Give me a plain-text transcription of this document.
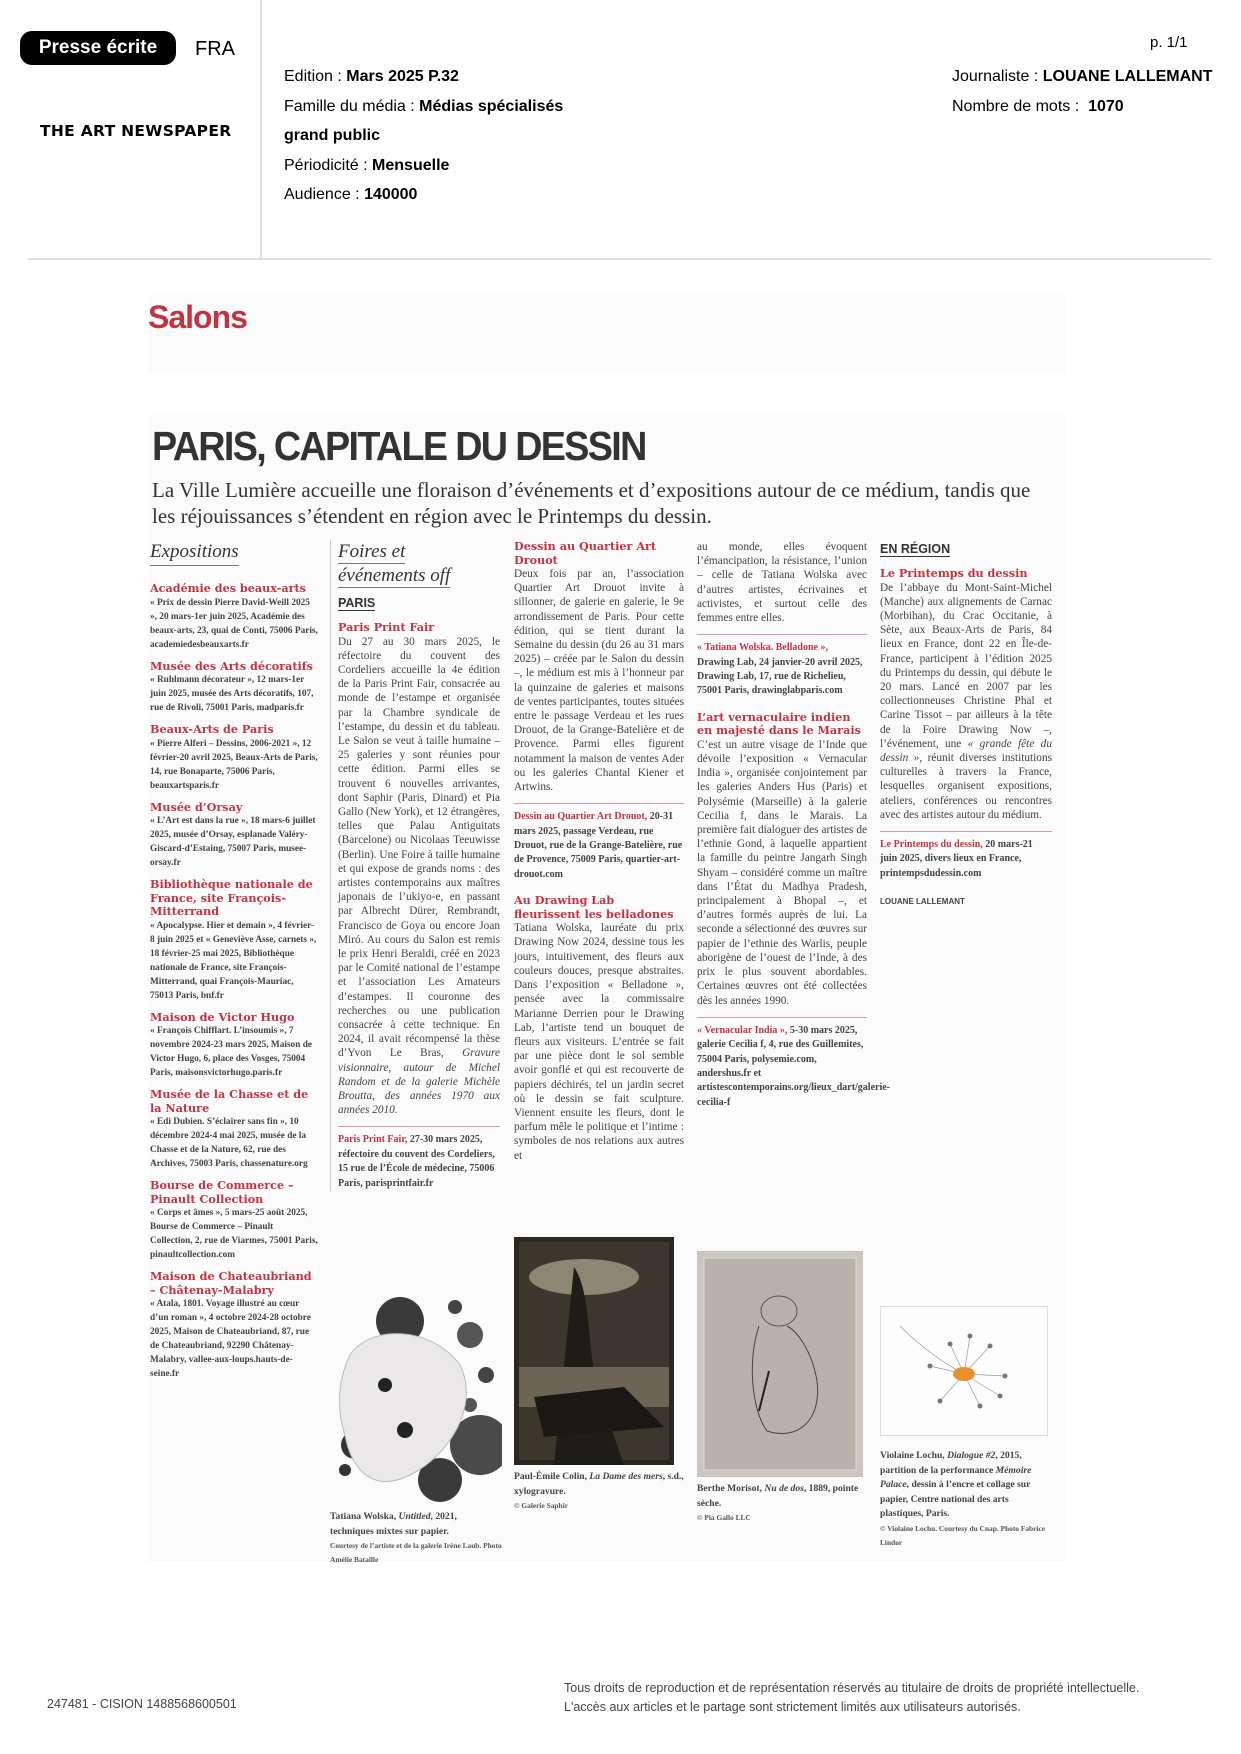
Presse écrite	FRA
THE ART NEWSPAPER
Edition : Mars 2025 P.32
Famille du média : Médias spécialisés
grand public
Périodicité : Mensuelle
Audience : 140000
p. 1/1
Journaliste : LOUANE LALLEMANT
Nombre de mots :  1070
Salons
PARIS, CAPITALE DU DESSIN
La Ville Lumière accueille une floraison d’événements et d’expositions autour de ce médium, tandis que les réjouissances s’étendent en région avec le Printemps du dessin.
Expositions
Académie des beaux-arts
« Prix de dessin Pierre David-Weill 2025 », 20 mars-1er juin 2025, Académie des beaux-arts, 23, quai de Conti, 75006 Paris, academiedesbeauxarts.fr
Musée des Arts décoratifs
« Ruhlmann décorateur », 12 mars-1er juin 2025, musée des Arts décoratifs, 107, rue de Rivoli, 75001 Paris, madparis.fr
Beaux-Arts de Paris
« Pierre Alferi – Dessins, 2006-2021 », 12 février-20 avril 2025, Beaux-Arts de Paris, 14, rue Bonaparte, 75006 Paris, beauxartsparis.fr
Musée d’Orsay
« L’Art est dans la rue », 18 mars-6 juillet 2025, musée d’Orsay, esplanade Valéry-Giscard-d’Estaing, 75007 Paris, musee-orsay.fr
Bibliothèque nationale de France, site François-Mitterrand
« Apocalypse. Hier et demain », 4 février-8 juin 2025 et « Geneviève Asse, carnets », 18 février-25 mai 2025, Bibliothèque nationale de France, site François-Mitterrand, quai François-Mauriac, 75013 Paris, bnf.fr
Maison de Victor Hugo
« François Chifflart. L’insoumis », 7 novembre 2024-23 mars 2025, Maison de Victor Hugo, 6, place des Vosges, 75004 Paris, maisonsvictorhugo.paris.fr
Musée de la Chasse et de la Nature
« Edi Dubien. S’éclairer sans fin », 10 décembre 2024-4 mai 2025, musée de la Chasse et de la Nature, 62, rue des Archives, 75003 Paris, chassenature.org
Bourse de Commerce – Pinault Collection
« Corps et âmes », 5 mars-25 août 2025, Bourse de Commerce – Pinault Collection, 2, rue de Viarmes, 75001 Paris, pinaultcollection.com
Maison de Chateaubriand – Châtenay-Malabry
« Atala, 1801. Voyage illustré au cœur d’un roman », 4 octobre 2024-28 octobre 2025, Maison de Chateaubriand, 87, rue de Chateaubriand, 92290 Châtenay-Malabry, vallee-aux-loups.hauts-de-seine.fr
Foires et
événements off
PARIS
Paris Print Fair
Du 27 au 30 mars 2025, le réfectoire du couvent des Cordeliers accueille la 4e édition de la Paris Print Fair, consacrée au monde de l’estampe et organisée par la Chambre syndicale de l’estampe, du dessin et du tableau. Le Salon se veut à taille humaine – 25 galeries y sont réunies pour cette édition. Parmi elles se trouvent 6 nouvelles arrivantes, dont Saphir (Paris, Dinard) et Pia Gallo (New York), et 12 étrangères, telles que Palau Antiguitats (Barcelone) ou Nicolaas Teeuwisse (Berlin). Une Foire à taille humaine et qui expose de grands noms : des artistes contemporains aux maîtres japonais de l’ukiyo-e, en passant par Albrecht Dürer, Rembrandt, Francisco de Goya ou encore Joan Miró. Au cours du Salon est remis le prix Henri Beraldi, créé en 2023 par le Comité national de l’estampe et l’association Les Amateurs d’estampes. Il couronne des recherches ou une publication consacrée à cette technique. En 2024, il avait récompensé la thèse d’Yvon Le Bras, Gravure visionnaire, autour de Michel Random et de la galerie Michèle Broutta, des années 1970 aux années 2010.
Paris Print Fair, 27-30 mars 2025, réfectoire du couvent des Cordeliers, 15 rue de l’École de médecine, 75006 Paris, parisprintfair.fr
Dessin au Quartier Art Drouot
Deux fois par an, l’association Quartier Art Drouot invite à sillonner, de galerie en galerie, le 9e arrondissement de Paris. Pour cette édition, qui se tient durant la Semaine du dessin (du 26 au 31 mars 2025) – créée par le Salon du dessin –, le médium est mis à l’honneur par la quinzaine de galeries et maisons de ventes participantes, toutes situées entre le passage Verdeau et les rues Drouot, de la Grange-Batelière et de Provence. Parmi elles figurent notamment la maison de ventes Ader ou les galeries Chantal Kiener et Artwins.
Dessin au Quartier Art Drouot, 20-31 mars 2025, passage Verdeau, rue Drouot, rue de la Grange-Batelière, rue de Provence, 75009 Paris, quartier-art-drouot.com
Au Drawing Lab fleurissent les belladones
Tatiana Wolska, lauréate du prix Drawing Now 2024, dessine tous les jours, intuitivement, des fleurs aux couleurs douces, presque abstraites. Dans l’exposition « Belladone », pensée avec la commissaire Marianne Derrien pour le Drawing Lab, l’artiste tend un bouquet de fleurs aux visiteurs. L’entrée se fait par une pièce dont le sol semble avoir gonflé et qui est recouverte de papiers déchirés, tel un jardin secret où le dessin se fait sculpture. Viennent ensuite les fleurs, dont le parfum mêle le politique et l’intime : symboles de nos relations aux autres et
au monde, elles évoquent l’émancipation, la résistance, l’union – celle de Tatiana Wolska avec d’autres artistes, écrivaines et activistes, et surtout celle des femmes entre elles.
« Tatiana Wolska. Belladone », Drawing Lab, 24 janvier-20 avril 2025, Drawing Lab, 17, rue de Richelieu, 75001 Paris, drawinglabparis.com
L’art vernaculaire indien en majesté dans le Marais
C’est un autre visage de l’Inde que dévoile l’exposition « Vernacular India », organisée conjointement par les galeries Anders Hus (Paris) et Polysémie (Marseille) à la galerie Cecilia f, dans le Marais. La première fait dialoguer des artistes de l’ethnie Gond, à laquelle appartient la famille du peintre Jangarh Singh Shyam – considéré comme un maître dans l’État du Madhya Pradesh, principalement à Bhopal –, et d’autres formés auprès de lui. La seconde a sélectionné des œuvres sur papier de l’ethnie des Warlis, peuple aborigène de l’ouest de l’Inde, à des prix le plus souvent abordables. Certaines œuvres ont été collectées dès les années 1990.
« Vernacular India », 5-30 mars 2025, galerie Cecilia f, 4, rue des Guillemites, 75004 Paris, polysemie.com, andershus.fr et artistescontemporains.org/lieux_dart/galerie-cecilia-f
EN RÉGION
Le Printemps du dessin
De l’abbaye du Mont-Saint-Michel (Manche) aux alignements de Carnac (Morbihan), du Crac Occitanie, à Sète, aux Beaux-Arts de Paris, 84 lieux en France, dont 22 en Île-de-France, participent à l’édition 2025 du Printemps du dessin, qui débute le 20 mars. Lancé en 2007 par les collectionneuses Christine Phal et Carine Tissot – par ailleurs à la tête de la Foire Drawing Now –, l’événement, une « grande fête du dessin », réunit diverses institutions culturelles à travers la France, lesquelles organisent expositions, ateliers, conférences ou rencontres avec des artistes autour du médium.
Le Printemps du dessin, 20 mars-21 juin 2025, divers lieux en France, printempsdudessin.com
LOUANE LALLEMANT
Tatiana Wolska, Untitled, 2021, techniques mixtes sur papier.
Courtesy de l’artiste et de la galerie Irène Laub. Photo Amélie Bataille
Paul-Émile Colin, La Dame des mers, s.d., xylogravure.
© Galerie Saphir
Berthe Morisot, Nu de dos, 1889, pointe sèche.
© Pia Gallo LLC
Violaine Lochu, Dialogue #2, 2015, partition de la performance Mémoire Palace, dessin à l’encre et collage sur papier, Centre national des arts plastiques, Paris.
© Violaine Lochu. Courtesy du Cnap. Photo Fabrice Lindor
247481 - CISION 1488568600501
Tous droits de reproduction et de représentation réservés au titulaire de droits de propriété intellectuelle.
L'accès aux articles et le partage sont strictement limités aux utilisateurs autorisés.
